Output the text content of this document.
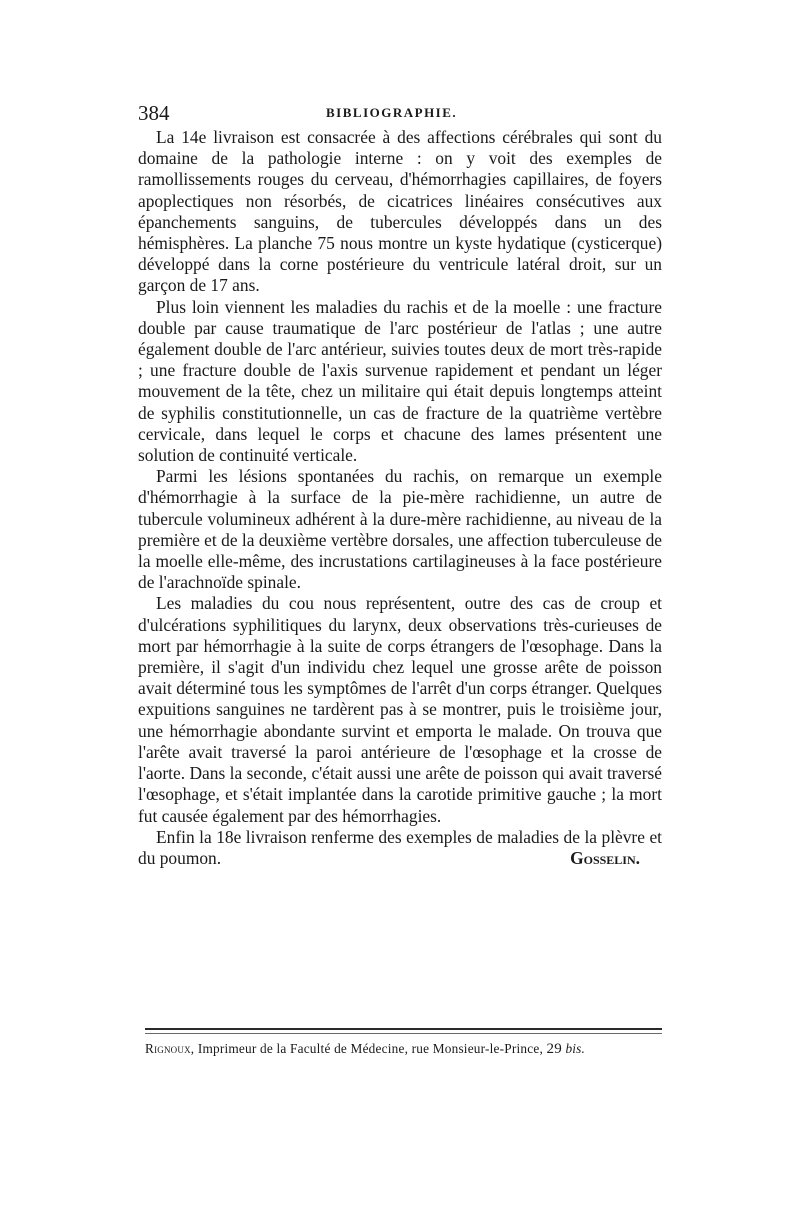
384	BIBLIOGRAPHIE.

La 14e livraison est consacrée à des affections cérébrales qui sont du domaine de la pathologie interne : on y voit des exemples de ramollissements rouges du cerveau, d'hémorrhagies capillaires, de foyers apoplectiques non résorbés, de cicatrices linéaires consécutives aux épanchements sanguins, de tubercules développés dans un des hémisphères. La planche 75 nous montre un kyste hydatique (cysticerque) développé dans la corne postérieure du ventricule latéral droit, sur un garçon de 17 ans.

Plus loin viennent les maladies du rachis et de la moelle : une fracture double par cause traumatique de l'arc postérieur de l'atlas ; une autre également double de l'arc antérieur, suivies toutes deux de mort très-rapide ; une fracture double de l'axis survenue rapidement et pendant un léger mouvement de la tête, chez un militaire qui était depuis longtemps atteint de syphilis constitutionnelle, un cas de fracture de la quatrième vertèbre cervicale, dans lequel le corps et chacune des lames présentent une solution de continuité verticale.

Parmi les lésions spontanées du rachis, on remarque un exemple d'hémorrhagie à la surface de la pie-mère rachidienne, un autre de tubercule volumineux adhérent à la dure-mère rachidienne, au niveau de la première et de la deuxième vertèbre dorsales, une affection tuberculeuse de la moelle elle-même, des incrustations cartilagineuses à la face postérieure de l'arachnoïde spinale.

Les maladies du cou nous représentent, outre des cas de croup et d'ulcérations syphilitiques du larynx, deux observations très-curieuses de mort par hémorrhagie à la suite de corps étrangers de l'œsophage. Dans la première, il s'agit d'un individu chez lequel une grosse arête de poisson avait déterminé tous les symptômes de l'arrêt d'un corps étranger. Quelques expuitions sanguines ne tardèrent pas à se montrer, puis le troisième jour, une hémorrhagie abondante survint et emporta le malade. On trouva que l'arête avait traversé la paroi antérieure de l'œsophage et la crosse de l'aorte. Dans la seconde, c'était aussi une arête de poisson qui avait traversé l'œsophage, et s'était implantée dans la carotide primitive gauche ; la mort fut causée également par des hémorrhagies.

Enfin la 18e livraison renferme des exemples de maladies de la plèvre et du poumon.	Gosselin.

Rignoux, Imprimeur de la Faculté de Médecine, rue Monsieur-le-Prince, 29 bis.
